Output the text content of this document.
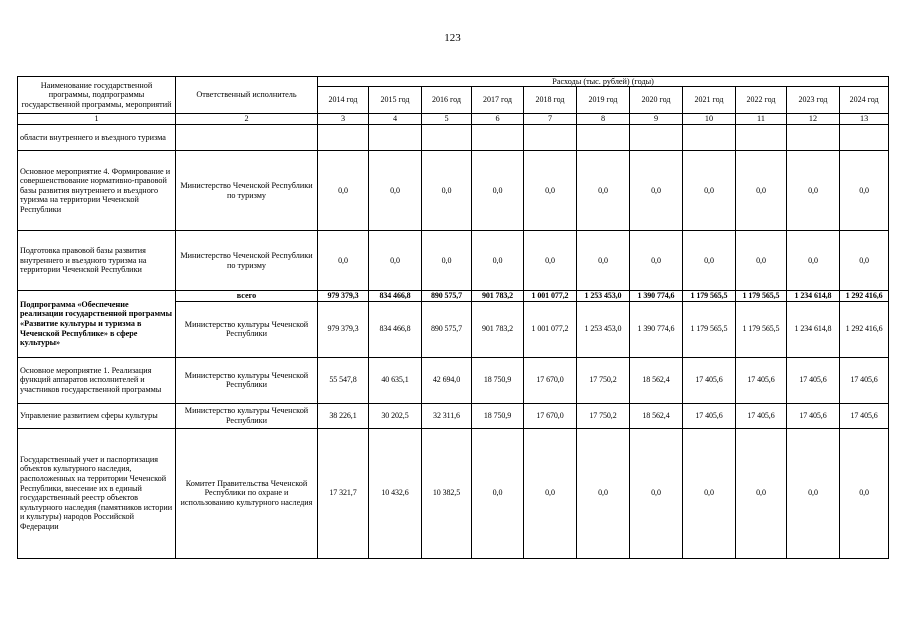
123
Наименование государственной программы, подпрограммы государственной программы, мероприятий	Ответственный исполнитель	Расходы (тыс. рублей) (годы)										
		2014 год	2015 год	2016 год	2017 год	2018 год	2019 год	2020 год	2021 год	2022 год	2023 год	2024 год
1	2	3	4	5	6	7	8	9	10	11	12	13
области внутреннего и въездного туризма												
Основное мероприятие 4. Формирование и совершенствование нормативно-правовой базы развития внутреннего и въездного туризма на территории Чеченской Республики	Министерство Чеченской Республики по туризму	0,0	0,0	0,0	0,0	0,0	0,0	0,0	0,0	0,0	0,0	0,0
Подготовка правовой базы развития внутреннего и въездного туризма на территории Чеченской Республики	Министерство Чеченской Республики по туризму	0,0	0,0	0,0	0,0	0,0	0,0	0,0	0,0	0,0	0,0	0,0
Подпрограмма «Обеспечение реализации государственной программы «Развитие культуры и туризма в Чеченской Республике» в сфере культуры»	всего	979 379,3	834 466,8	890 575,7	901 783,2	1 001 077,2	1 253 453,0	1 390 774,6	1 179 565,5	1 179 565,5	1 234 614,8	1 292 416,6
	Министерство культуры Чеченской Республики	979 379,3	834 466,8	890 575,7	901 783,2	1 001 077,2	1 253 453,0	1 390 774,6	1 179 565,5	1 179 565,5	1 234 614,8	1 292 416,6
Основное мероприятие 1. Реализация функций аппаратов исполнителей и участников государственной программы	Министерство культуры Чеченской Республики	55 547,8	40 635,1	42 694,0	18 750,9	17 670,0	17 750,2	18 562,4	17 405,6	17 405,6	17 405,6	17 405,6
Управление развитием сферы культуры	Министерство культуры Чеченской Республики	38 226,1	30 202,5	32 311,6	18 750,9	17 670,0	17 750,2	18 562,4	17 405,6	17 405,6	17 405,6	17 405,6
Государственный учет и паспортизация объектов культурного наследия, расположенных на территории Чеченской Республики, внесение их в единый государственный реестр объектов культурного наследия (памятников истории и культуры) народов Российской Федерации	Комитет Правительства Чеченской Республики по охране и использованию культурного наследия	17 321,7	10 432,6	10 382,5	0,0	0,0	0,0	0,0	0,0	0,0	0,0	0,0
